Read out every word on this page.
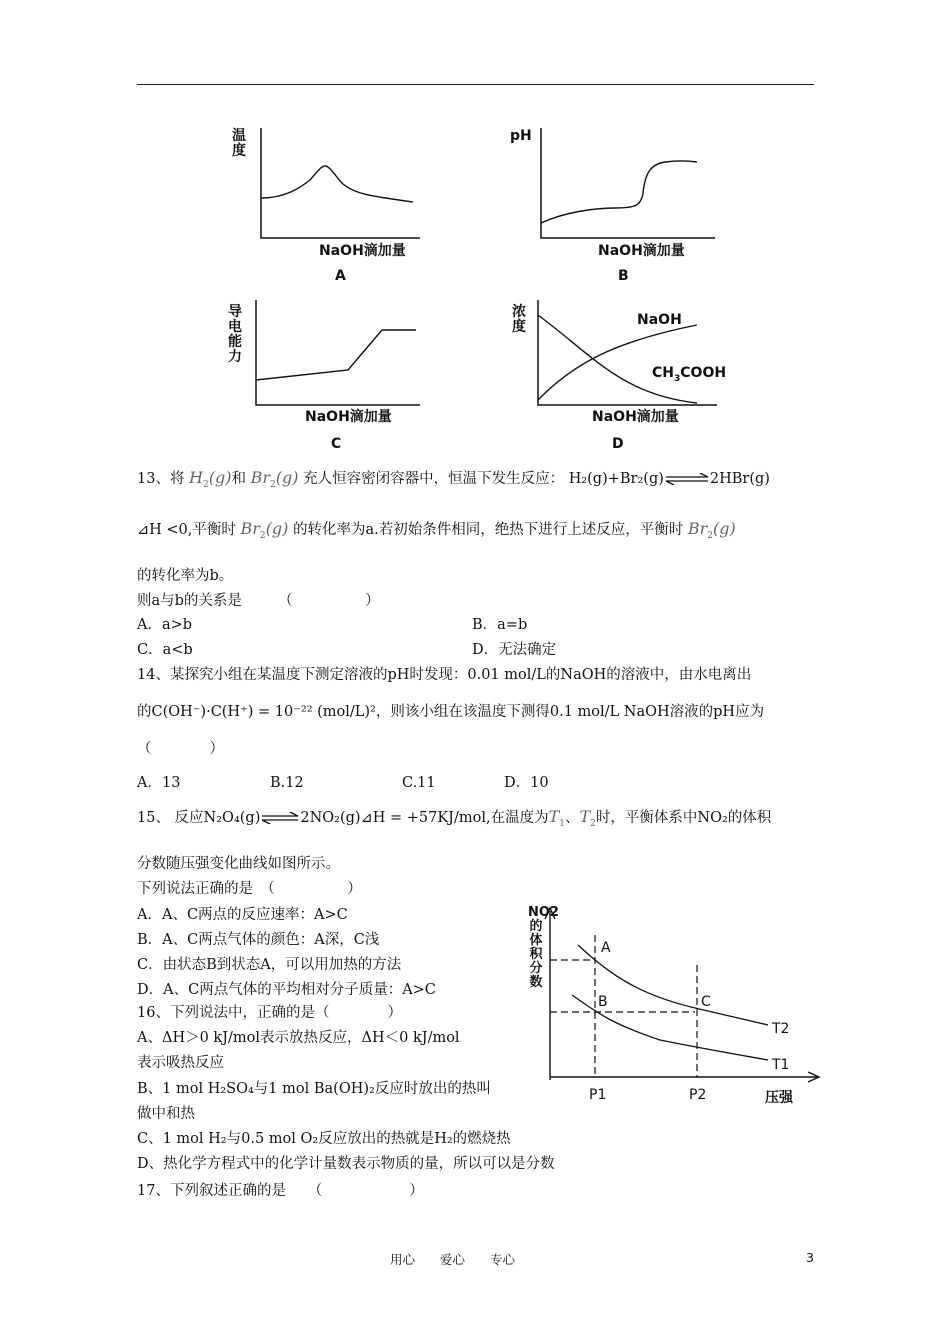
温度
NaOH滴加量
A
pH
NaOH滴加量
B
导电能力
NaOH滴加量
C
浓度	NaOH
$CH_3COOH$
NaOH滴加量
D
13、将 $H_2(g)$和 $Br_2(g)$ 充人恒容密闭容器中，恒温下发生反应： H₂(g)+Br₂(g)⇌2HBr(g)
⊿H <0,平衡时 $Br_2(g)$ 的转化率为a.若初始条件相同，绝热下进行上述反应，平衡时 $Br_2(g)$
的转化率为b。
则a与b的关系是　　　（　　　　　）
A．a>b	B．a=b
C．a<b	D．无法确定
14、某探究小组在某温度下测定溶液的pH时发现：0.01 mol/L的NaOH的溶液中，由水电离出
的C(OH⁻)·C(H⁺) = 10⁻²² (mol/L)²，则该小组在该温度下测得0.1 mol/L NaOH溶液的pH应为
（　　　　）
A．13	B.12	C.11	D．10
15、 反应N₂O₄(g)⇌2NO₂(g)⊿H = +57KJ/mol,在温度为$T_1$、$T_2$时，平衡体系中NO₂的体积
分数随压强变化曲线如图所示。
下列说法正确的是　（　　　　　）
A．A、C两点的反应速率：A>C
B．A、C两点气体的颜色：A深，C浅
C．由状态B到状态A，可以用加热的方法
D．A、C两点气体的平均相对分子质量：A>C
NO2
的体积分数
A
B	C
T2
T1
P1	P2	压强
16、下列说法中，正确的是（　　　　）
A、ΔH＞0 kJ/mol表示放热反应，ΔH＜0 kJ/mol
表示吸热反应
B、1 mol H₂SO₄与1 mol Ba(OH)₂反应时放出的热叫
做中和热
C、1 mol H₂与0.5 mol O₂反应放出的热就是H₂的燃烧热
D、热化学方程式中的化学计量数表示物质的量，所以可以是分数
17、下列叙述正确的是　　（　　　　　　）
用心　　爱心　　专心	3
